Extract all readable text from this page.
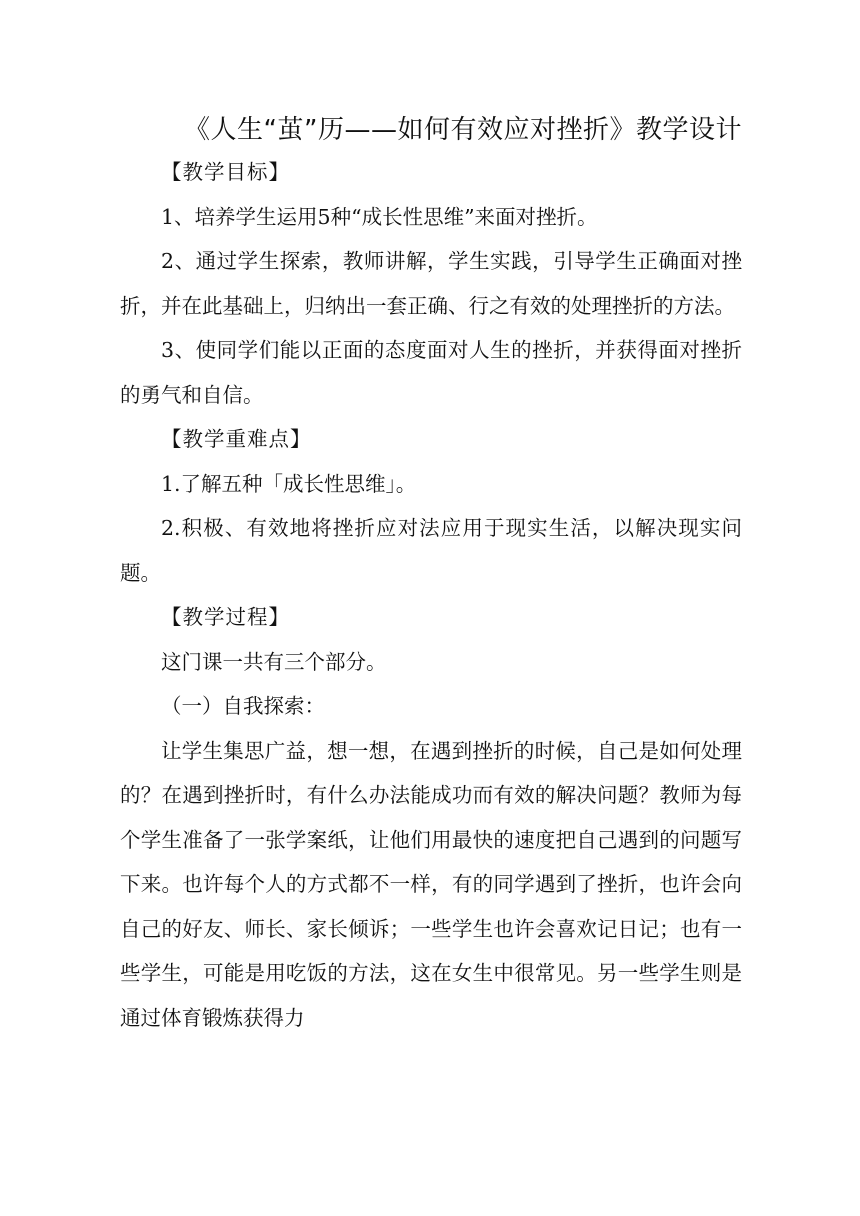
《人生“茧”历——如何有效应对挫折》教学设计

【教学目标】

1、培养学生运用5种“成长性思维”来面对挫折。

2、通过学生探索，教师讲解，学生实践，引导学生正确面对挫折，并在此基础上，归纳出一套正确、行之有效的处理挫折的方法。

3、使同学们能以正面的态度面对人生的挫折，并获得面对挫折的勇气和自信。

【教学重难点】

1.了解五种「成长性思维」。

2.积极、有效地将挫折应对法应用于现实生活，以解决现实问题。

【教学过程】

这门课一共有三个部分。

（一）自我探索：

让学生集思广益，想一想，在遇到挫折的时候，自己是如何处理的？在遇到挫折时，有什么办法能成功而有效的解决问题？教师为每个学生准备了一张学案纸，让他们用最快的速度把自己遇到的问题写下来。也许每个人的方式都不一样，有的同学遇到了挫折，也许会向自己的好友、师长、家长倾诉；一些学生也许会喜欢记日记；也有一些学生，可能是用吃饭的方法，这在女生中很常见。另一些学生则是通过体育锻炼获得力
